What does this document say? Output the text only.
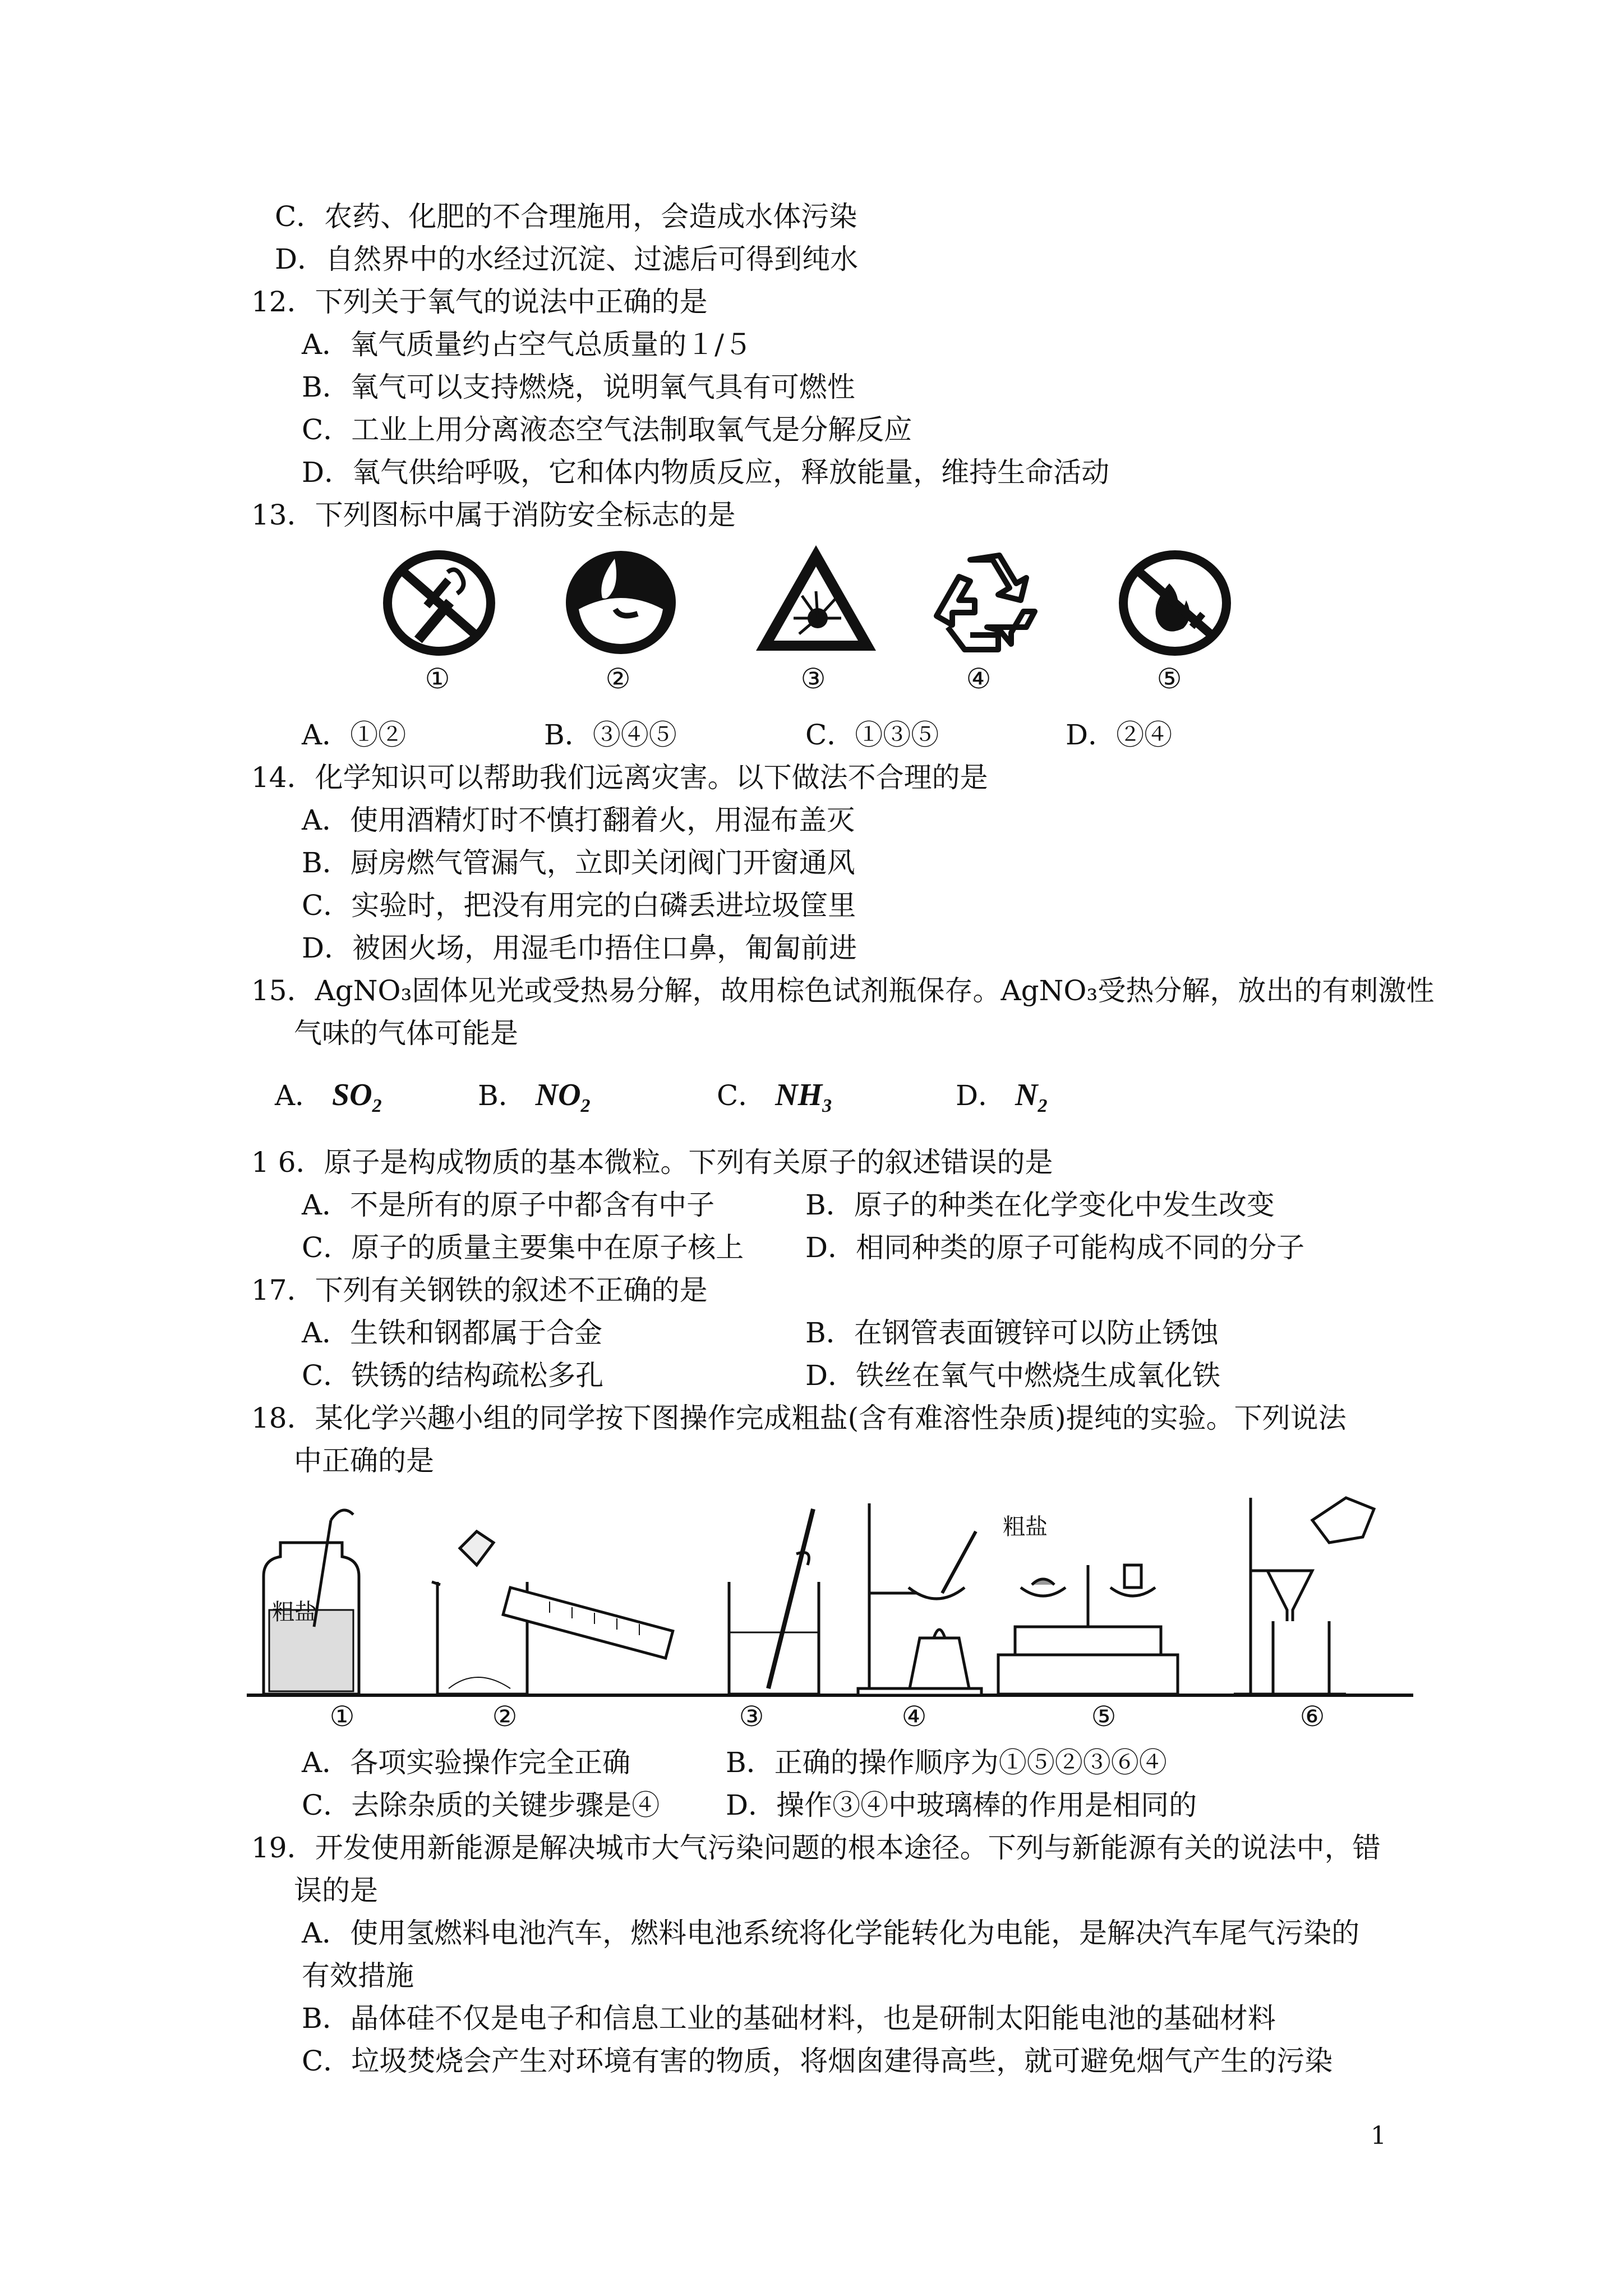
C．农药、化肥的不合理施用，会造成水体污染
D．自然界中的水经过沉淀、过滤后可得到纯水
12．下列关于氧气的说法中正确的是
A．氧气质量约占空气总质量的１/５
B．氧气可以支持燃烧，说明氧气具有可燃性
C．工业上用分离液态空气法制取氧气是分解反应
D．氧气供给呼吸，它和体内物质反应，释放能量，维持生命活动
13．下列图标中属于消防安全标志的是
①	②	③	④	⑤
A．①②	B．③④⑤	C．①③⑤	D．②④
14．化学知识可以帮助我们远离灾害。以下做法不合理的是
A．使用酒精灯时不慎打翻着火，用湿布盖灭
B．厨房燃气管漏气，立即关闭阀门开窗通风
C．实验时，把没有用完的白磷丢进垃圾筐里
D．被困火场，用湿毛巾捂住口鼻，匍匐前进
15．AgNO₃固体见光或受热易分解，故用棕色试剂瓶保存。AgNO₃受热分解，放出的有刺激性
气味的气体可能是
A． $SO_2$	B． $NO_2$	C． $NH_3$	D． $N_2$
1 6．原子是构成物质的基本微粒。下列有关原子的叙述错误的是
A．不是所有的原子中都含有中子	B．原子的种类在化学变化中发生改变
C．原子的质量主要集中在原子核上 D．相同种类的原子可能构成不同的分子
17．下列有关钢铁的叙述不正确的是
A．生铁和钢都属于合金	B．在钢管表面镀锌可以防止锈蚀
C．铁锈的结构疏松多孔	D．铁丝在氧气中燃烧生成氧化铁
18．某化学兴趣小组的同学按下图操作完成粗盐(含有难溶性杂质)提纯的实验。下列说法
中正确的是
粗盐
粗盐
①	②	③	④	⑤	⑥
A．各项实验操作完全正确	B．正确的操作顺序为①⑤②③⑥④
C．去除杂质的关键步骤是④ D．操作③④中玻璃棒的作用是相同的
19．开发使用新能源是解决城市大气污染问题的根本途径。下列与新能源有关的说法中，错
误的是
A．使用氢燃料电池汽车，燃料电池系统将化学能转化为电能，是解决汽车尾气污染的
有效措施
B．晶体硅不仅是电子和信息工业的基础材料，也是研制太阳能电池的基础材料
C．垃圾焚烧会产生对环境有害的物质，将烟囱建得高些，就可避免烟气产生的污染
1
